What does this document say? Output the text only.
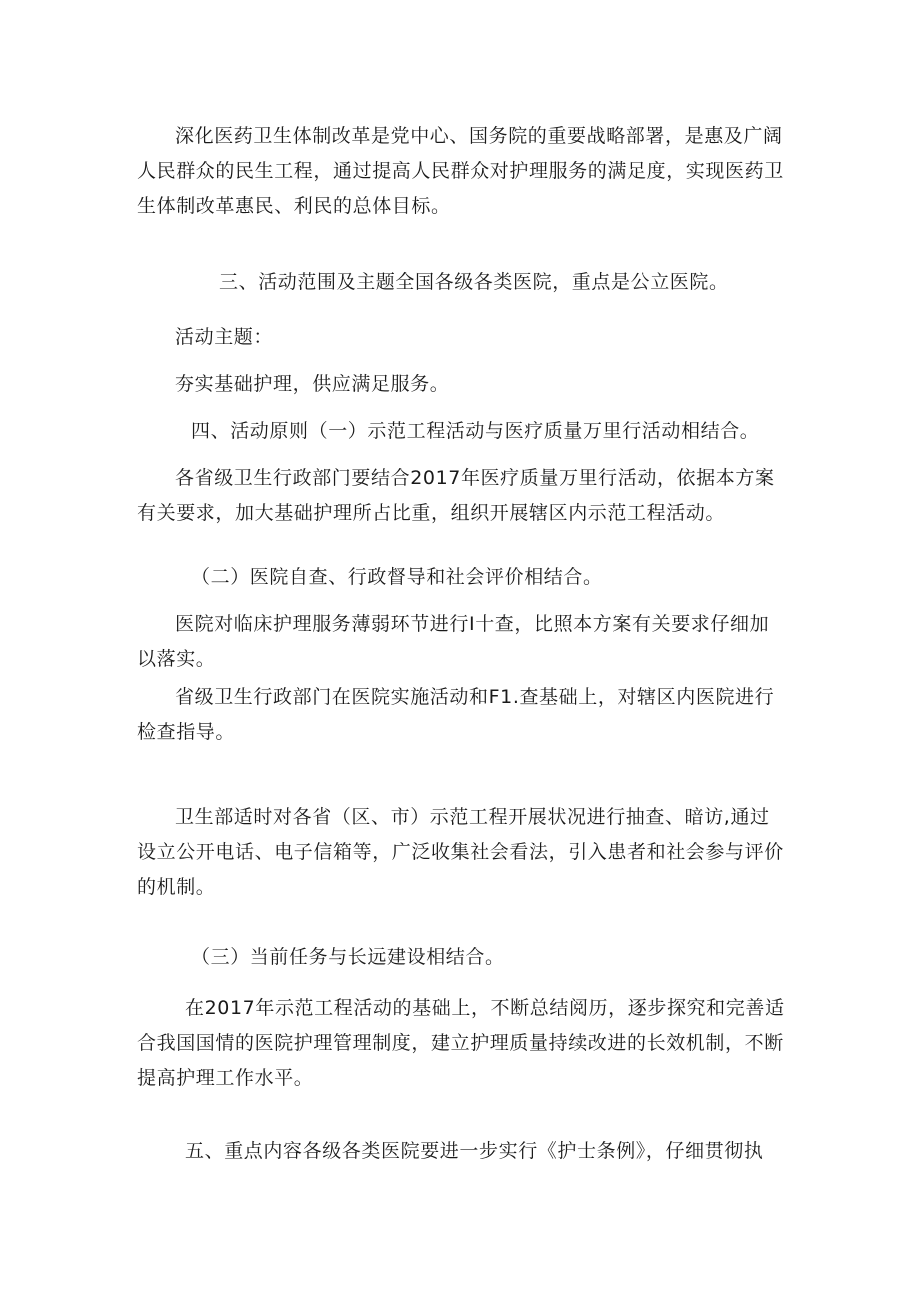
深化医药卫生体制改革是党中心、国务院的重要战略部署，是惠及广阔人民群众的民生工程，通过提高人民群众对护理服务的满足度，实现医药卫生体制改革惠民、利民的总体目标。

三、活动范围及主题全国各级各类医院，重点是公立医院。

活动主题：

夯实基础护理，供应满足服务。

四、活动原则（一）示范工程活动与医疗质量万里行活动相结合。

各省级卫生行政部门要结合2017年医疗质量万里行活动，依据本方案有关要求，加大基础护理所占比重，组织开展辖区内示范工程活动。

（二）医院自查、行政督导和社会评价相结合。

医院对临床护理服务薄弱环节进行I十查，比照本方案有关要求仔细加以落实。

省级卫生行政部门在医院实施活动和F1.查基础上，对辖区内医院进行检查指导。

卫生部适时对各省（区、市）示范工程开展状况进行抽查、暗访,通过设立公开电话、电子信箱等，广泛收集社会看法，引入患者和社会参与评价的机制。

（三）当前任务与长远建设相结合。

在2017年示范工程活动的基础上，不断总结阅历，逐步探究和完善适合我国国情的医院护理管理制度，建立护理质量持续改进的长效机制，不断提高护理工作水平。

五、重点内容各级各类医院要进一步实行《护士条例》，仔细贯彻执
